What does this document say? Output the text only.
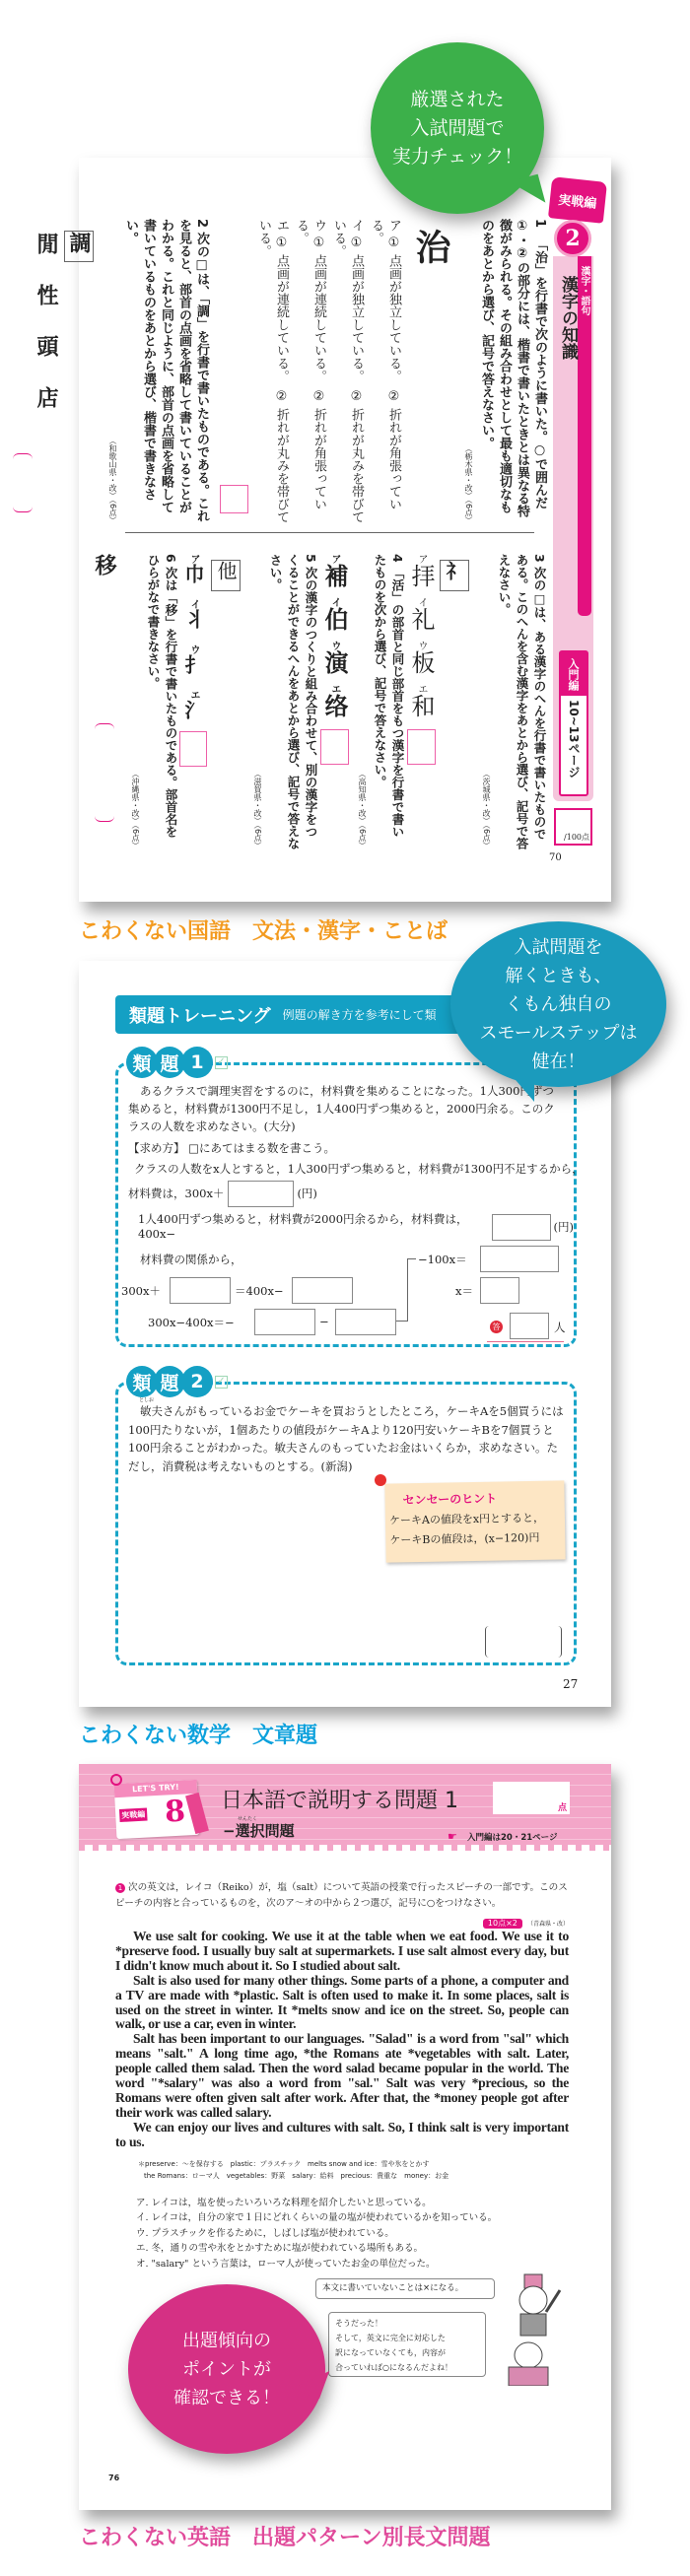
漢字・語句
漢字の知識
実戦編
2
入門編
10~13ページ
/100点
70
1 「治」を行書で次のように書いた。○で囲んだ①・②の部分には、楷書で書いたときとは異なる特徴がみられる。その組み合わせとして最も適切なものをあとから選び、記号で答えなさい。
（栃木県・改）（6点）
治
ア ① 点画が独立している。　② 折れが角張っている。
イ ① 点画が独立している。　② 折れが丸みを帯びている。
ウ ① 点画が連続している。　② 折れが角張っている。
エ ① 点画が連続している。　② 折れが丸みを帯びている。
2 次の□は、「調」を行書で書いたものである。これを見ると、部首の点画を省略して書いていることがわかる。これと同じように、部首の点画を省略して書いているものをあとから選び、楷書で書きなさい。
（和歌山県・改）（6点）
調
閒性頭店
3 次の□は、ある漢字のへんを行書で書いたものである。このへんを含む漢字をあとから選び、記号で答えなさい。
（茨城県・改）（6点）
礻
ア拝イ礼ウ板エ和
4 「活」の部首と同じ部首をもつ漢字を行書で書いたものを次から選び、記号で答えなさい。
（高知県・改）（6点）
ア補イ伯ウ演エ络
5 次の漢字のつくりと組み合わせて、別の漢字をつくることができるへんをあとから選び、記号で答えなさい。
（滋賀県・改）（6点）
他
ア巾イ丬ウ扌エ氵
6 次は「移」を行書で書いたものである。部首名をひらがなで書きなさい。
（沖縄県・改）（6点）
移
厳選された
入試問題で
実力チェック！
こわくない国語　文法・漢字・ことば
類題トレーニング 例題の解き方を参考にして類
類 題 1	✓
あるクラスで調理実習をするのに，材料費を集めることになった。1人300円ずつ集めると，材料費が1300円不足し，1人400円ずつ集めると，2000円余る。このクラスの人数を求めなさい。(大分)
【求め方】 □にあてはまる数を書こう。
クラスの人数をx人とすると，1人300円ずつ集めると，材料費が1300円不足するから，
材料費は，300x＋	(円)
1人400円ずつ集めると，材料費が2000円余るから，材料費は，400x−
(円)
材料費の関係から，	−100x＝
300x＋	＝400x−	x＝
300x−400x＝−	−	答	人
類 題 2	✓
としお
敏夫さんがもっているお金でケーキを買おうとしたところ，ケーキAを5個買うには100円たりないが，1個あたりの値段がケーキAより120円安いケーキBを7個買うと100円余ることがわかった。敏夫さんのもっていたお金はいくらか，求めなさい。ただし，消費税は考えないものとする。(新潟)
センセーのヒント
ケーキAの値段をx円とすると，
ケーキBの値段は，(x−120)円
27
入試問題を
解くときも、
くもん独自の
スモールステップは
健在！
こわくない数学　文章題
LET'S TRY!
実戦編 8 日本語で説明する問題 1
せんたく
−選択問題
点
☛ 入門編は20・21ページ
1 次の英文は，レイコ（Reiko）が，塩（salt）について英語の授業で行ったスピーチの一部です。このスピーチの内容と合っているものを，次のア〜オの中から２つ選び，記号に○をつけなさい。
10点×2 （青森県・改）

We use salt for cooking. We use it at the table when we eat food. We use it to *preserve food. I usually buy salt at supermarkets. I use salt almost every day, but I didn't know much about it. So I studied about salt.

Salt is also used for many other things. Some parts of a phone, a computer and a TV are made with *plastic. Salt is often used to make it. In some places, salt is used on the street in winter. It *melts snow and ice on the street. So, people can walk, or use a car, even in winter.

Salt has been important to our languages. "Salad" is a word from "sal" which means "salt." A long time ago, *the Romans ate *vegetables with salt. Later, people called them salad. Then the word salad became popular in the world. The word "*salary" was also a word from "sal." Salt was very *precious, so the Romans were often given salt after work. After that, the *money people got after their work was called salary.

We can enjoy our lives and cultures with salt. So, I think salt is very important to us.

＊preserve：〜を保存する　plastic：プラスチック　melts snow and ice：雪や氷をとかす
the Romans：ローマ人　vegetables：野菜　salary：給料　precious：貴重な　money：お金
ア. レイコは，塩を使ったいろいろな料理を紹介したいと思っている。
イ. レイコは，自分の家で１日にどれくらいの量の塩が使われているかを知っている。
ウ. プラスチックを作るために，しばしば塩が使われている。
エ. 冬，通りの雪や氷をとかすために塩が使われている場所もある。
オ. "salary" という言葉は，ローマ人が使っていたお金の単位だった。
本文に書いていないことは×になる。
そうだった！
そして，英文に完全に対応した
訳になっていなくても，内容が
合っていれば○になるんだよね！
出題傾向の
ポイントが
確認できる！
76
こわくない英語　出題パターン別長文問題
